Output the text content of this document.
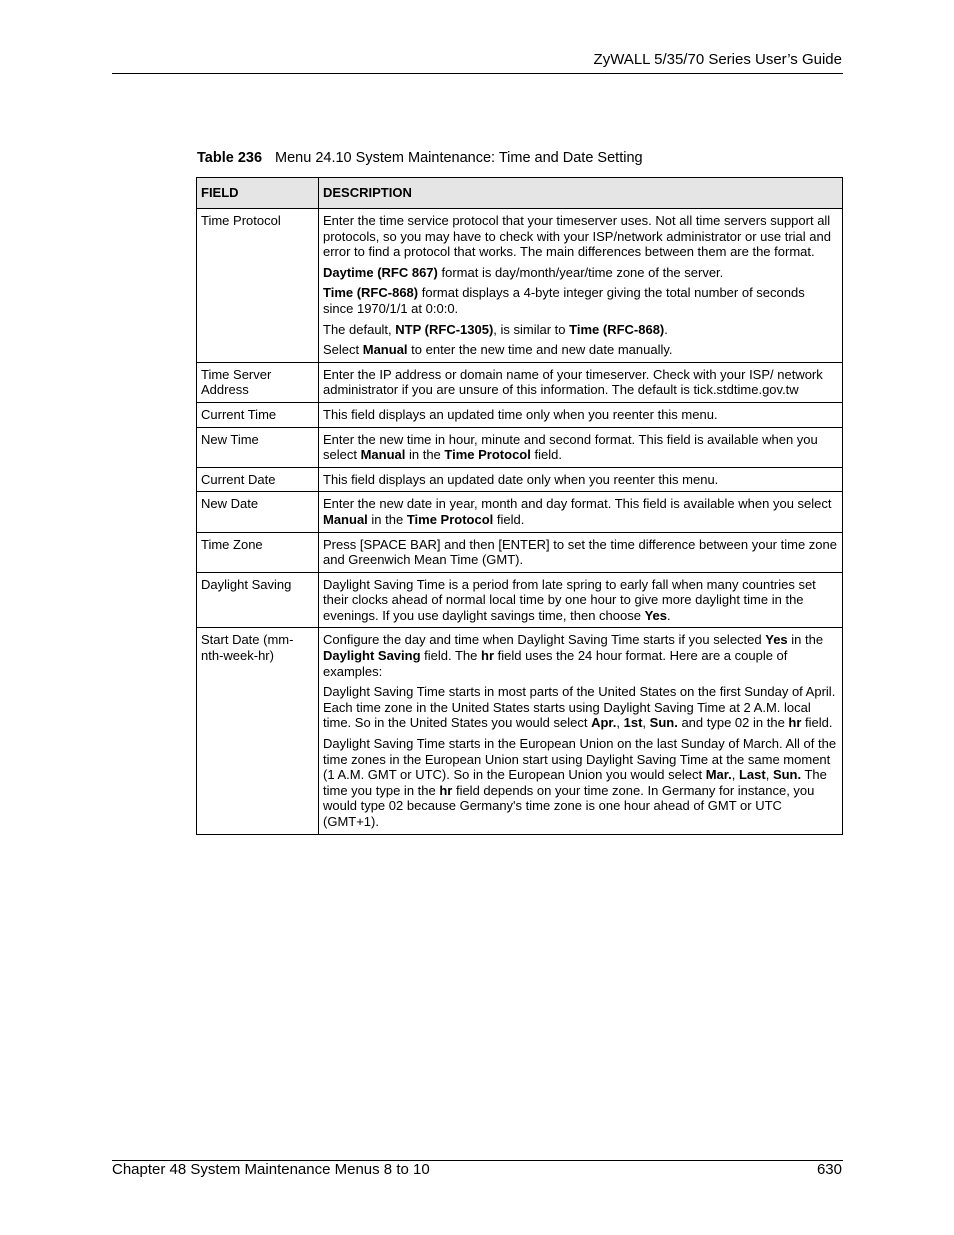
ZyWALL 5/35/70 Series User’s Guide
Table 236 Menu 24.10 System Maintenance: Time and Date Setting
FIELD	DESCRIPTION
Time Protocol	Enter the time service protocol that your timeserver uses. Not all time servers support all protocols, so you may have to check with your ISP/network administrator or use trial and error to find a protocol that works. The main differences between them are the format.

Daytime (RFC 867) format is day/month/year/time zone of the server.

Time (RFC-868) format displays a 4-byte integer giving the total number of seconds since 1970/1/1 at 0:0:0.

The default, NTP (RFC-1305), is similar to Time (RFC-868).

Select Manual to enter the new time and new date manually.

Time Server Address	Enter the IP address or domain name of your timeserver. Check with your ISP/ network administrator if you are unsure of this information. The default is tick.stdtime.gov.tw

Current Time	This field displays an updated time only when you reenter this menu.

New Time	Enter the new time in hour, minute and second format. This field is available when you select Manual in the Time Protocol field.

Current Date	This field displays an updated date only when you reenter this menu.

New Date	Enter the new date in year, month and day format. This field is available when you select Manual in the Time Protocol field.

Time Zone	Press [SPACE BAR] and then [ENTER] to set the time difference between your time zone and Greenwich Mean Time (GMT).

Daylight Saving	Daylight Saving Time is a period from late spring to early fall when many countries set their clocks ahead of normal local time by one hour to give more daylight time in the evenings. If you use daylight savings time, then choose Yes.

Start Date (mm-nth-week-hr)	Configure the day and time when Daylight Saving Time starts if you selected Yes in the Daylight Saving field. The hr field uses the 24 hour format. Here are a couple of examples:

Daylight Saving Time starts in most parts of the United States on the first Sunday of April. Each time zone in the United States starts using Daylight Saving Time at 2 A.M. local time. So in the United States you would select Apr., 1st, Sun. and type 02 in the hr field.

Daylight Saving Time starts in the European Union on the last Sunday of March. All of the time zones in the European Union start using Daylight Saving Time at the same moment (1 A.M. GMT or UTC). So in the European Union you would select Mar., Last, Sun. The time you type in the hr field depends on your time zone. In Germany for instance, you would type 02 because Germany's time zone is one hour ahead of GMT or UTC (GMT+1).

Chapter 48 System Maintenance Menus 8 to 10	630
